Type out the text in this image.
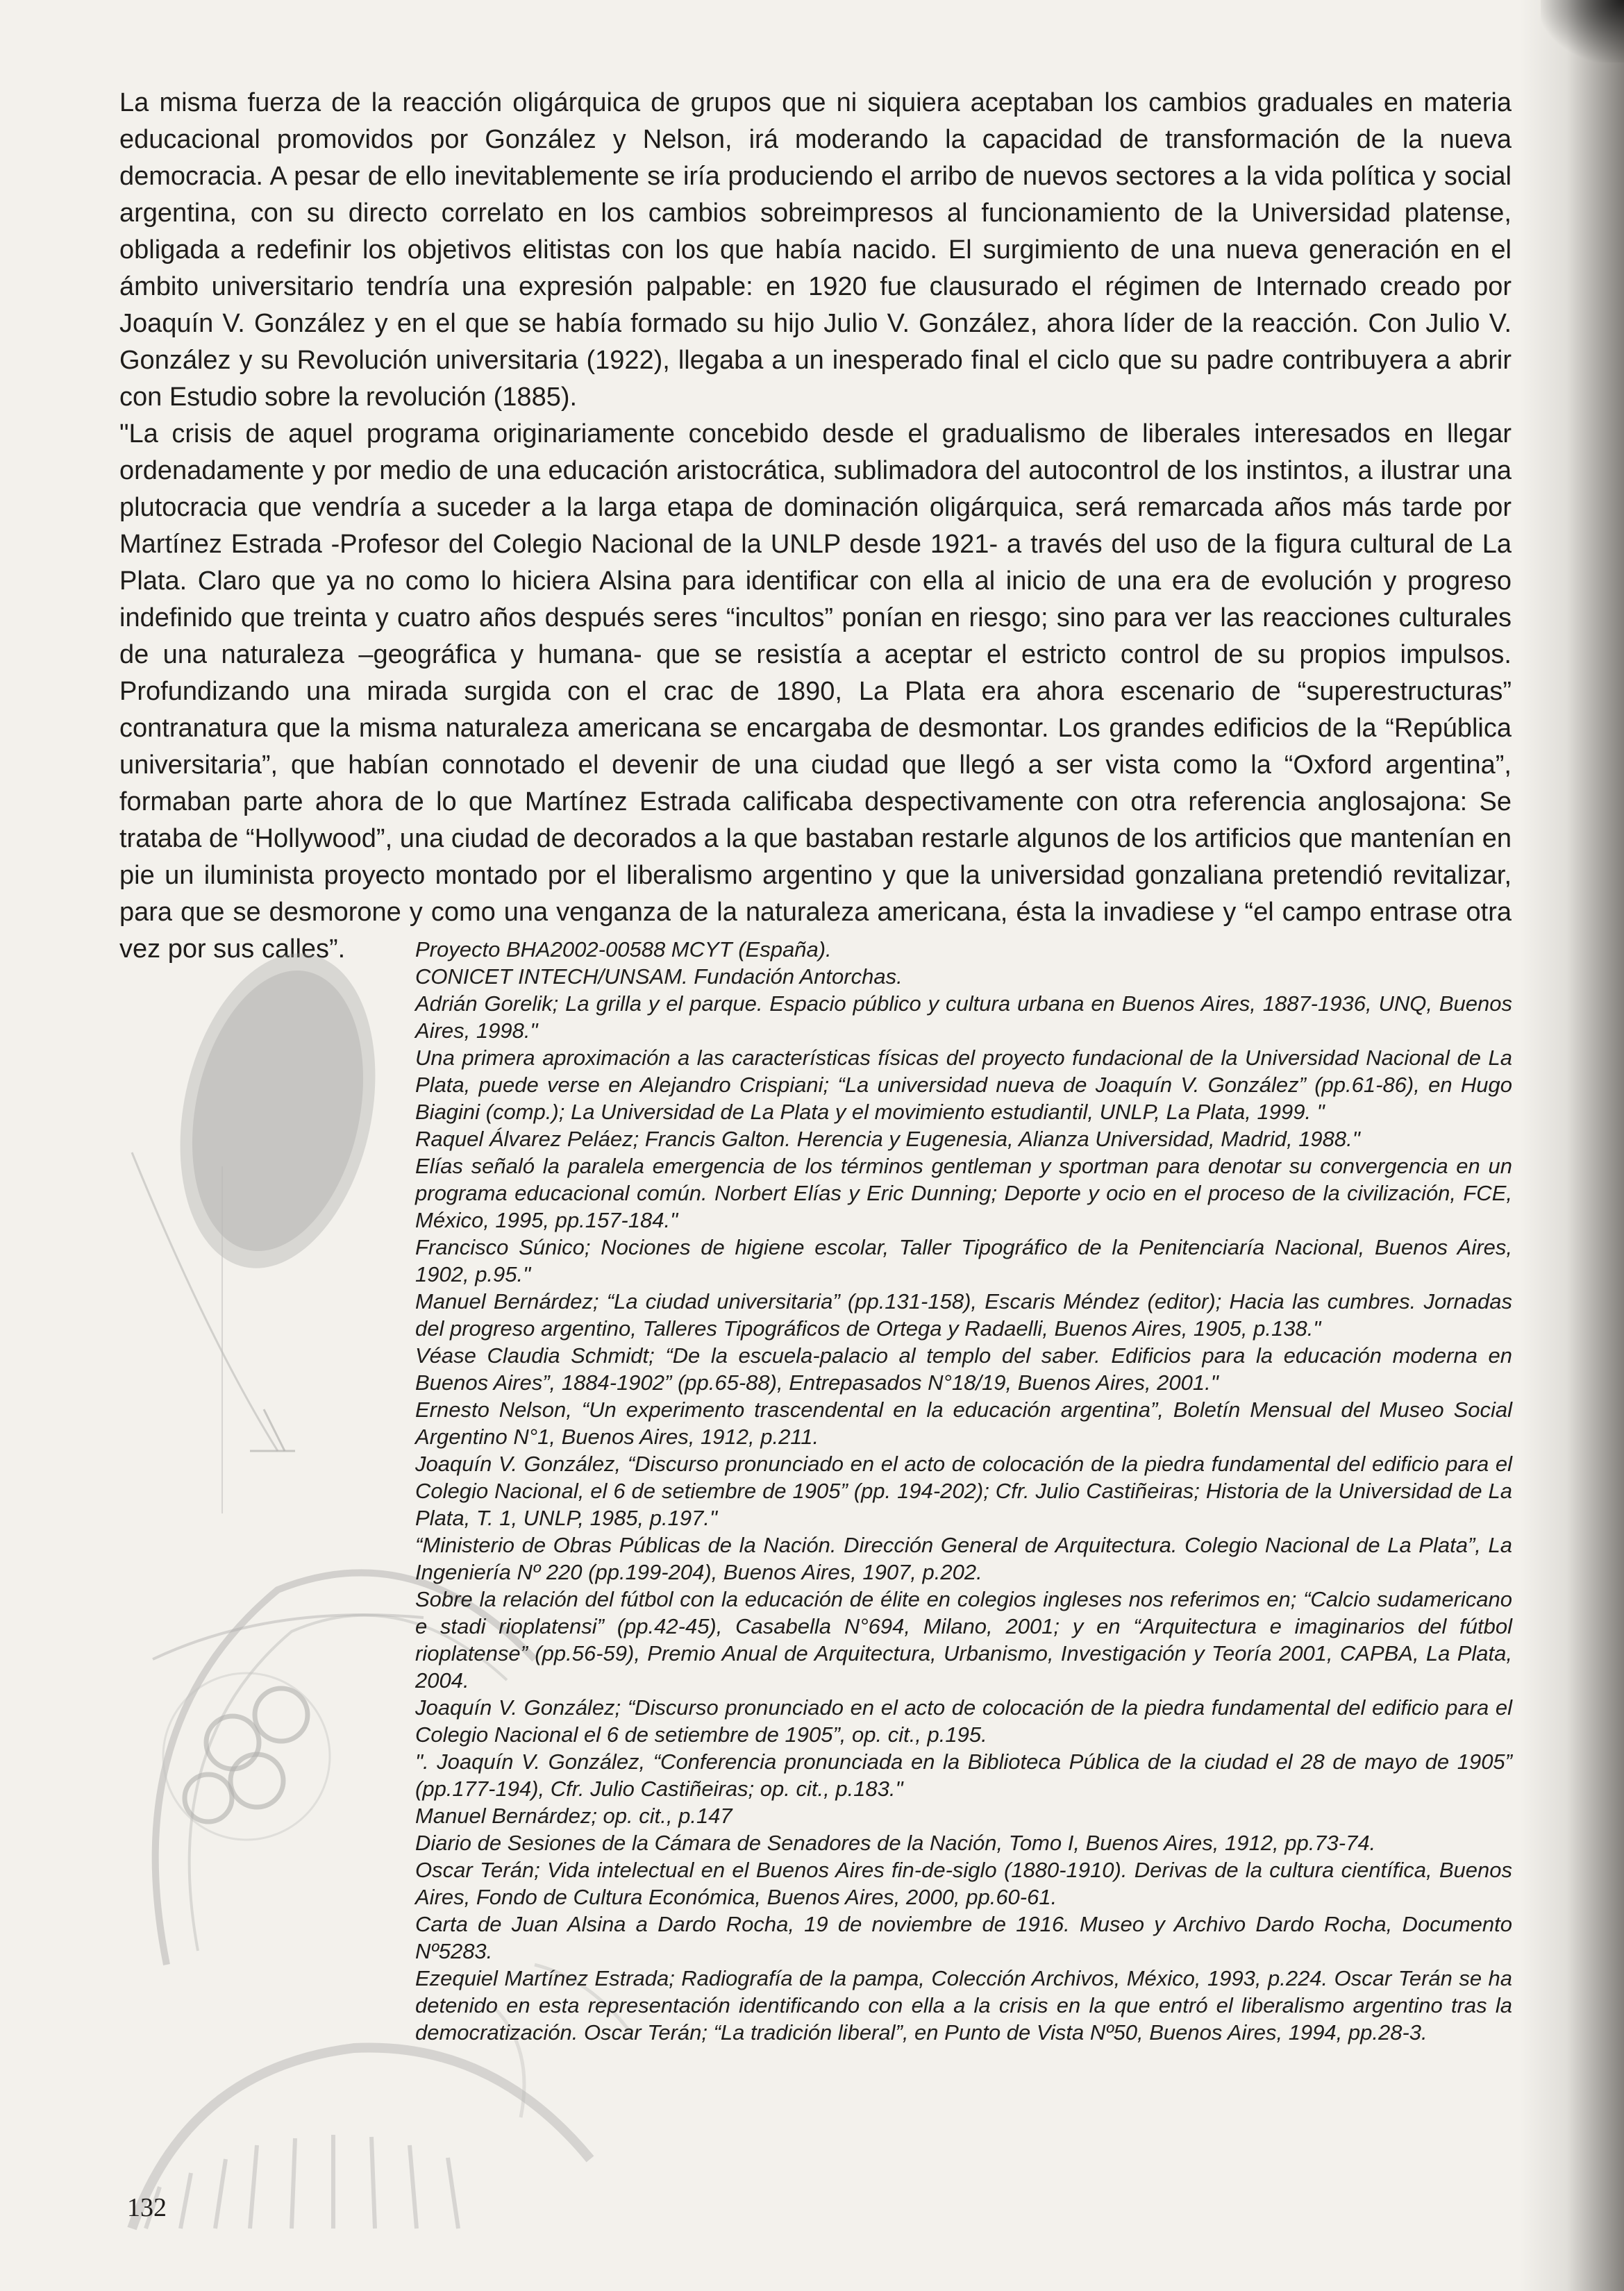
La misma fuerza de la reacción oligárquica de grupos que ni siquiera aceptaban los cambios graduales en materia educacional promovidos por González y Nelson, irá moderando la capacidad de transformación de la nueva democracia. A pesar de ello inevitablemente se iría produciendo el arribo de nuevos sectores a la vida política y social argentina, con su directo correlato en los cambios sobreimpresos al funcionamiento de la Universidad platense, obligada a redefinir los objetivos elitistas con los que había nacido. El surgimiento de una nueva generación en el ámbito universitario tendría una expresión palpable: en 1920 fue clausurado el régimen de Internado creado por Joaquín V. González y en el que se había formado su hijo Julio V. González, ahora líder de la reacción. Con Julio V. González y su Revolución universitaria (1922), llegaba a un inesperado final el ciclo que su padre contribuyera a abrir con Estudio sobre la revolución (1885).

"La crisis de aquel programa originariamente concebido desde el gradualismo de liberales interesados en llegar ordenadamente y por medio de una educación aristocrática, sublimadora del autocontrol de los instintos, a ilustrar una plutocracia que vendría a suceder a la larga etapa de dominación oligárquica, será remarcada años más tarde por Martínez Estrada -Profesor del Colegio Nacional de la UNLP desde 1921- a través del uso de la figura cultural de La Plata. Claro que ya no como lo hiciera Alsina para identificar con ella al inicio de una era de evolución y progreso indefinido que treinta y cuatro años después seres “incultos” ponían en riesgo; sino para ver las reacciones culturales de una naturaleza –geográfica y humana- que se resistía a aceptar el estricto control de su propios impulsos. Profundizando una mirada surgida con el crac de 1890, La Plata era ahora escenario de “superestructuras” contranatura que la misma naturaleza americana se encargaba de desmontar. Los grandes edificios de la “República universitaria”, que habían connotado el devenir de una ciudad que llegó a ser vista como la “Oxford argentina”, formaban parte ahora de lo que Martínez Estrada calificaba despectivamente con otra referencia anglosajona: Se trataba de “Hollywood”, una ciudad de decorados a la que bastaban restarle algunos de los artificios que mantenían en pie un iluminista proyecto montado por el liberalismo argentino y que la universidad gonzaliana pretendió revitalizar, para que se desmorone y como una venganza de la naturaleza americana, ésta la invadiese y “el campo entrase otra vez por sus calles”.	Proyecto BHA2002-00588 MCYT (España).
CONICET INTECH/UNSAM. Fundación Antorchas.
Adrián Gorelik; La grilla y el parque. Espacio público y cultura urbana en Buenos Aires, 1887-1936, UNQ, Buenos Aires, 1998."
Una primera aproximación a las características físicas del proyecto fundacional de la Universidad Nacional de La Plata, puede verse en Alejandro Crispiani; “La universidad nueva de Joaquín V. González” (pp.61-86), en Hugo Biagini (comp.); La Universidad de La Plata y el movimiento estudiantil, UNLP, La Plata, 1999. "
Raquel Álvarez Peláez; Francis Galton. Herencia y Eugenesia, Alianza Universidad, Madrid, 1988."
Elías señaló la paralela emergencia de los términos gentleman y sportman para denotar su convergencia en un programa educacional común. Norbert Elías y Eric Dunning; Deporte y ocio en el proceso de la civilización, FCE, México, 1995, pp.157-184."
Francisco Súnico; Nociones de higiene escolar, Taller Tipográfico de la Penitenciaría Nacional, Buenos Aires, 1902, p.95."
Manuel Bernárdez; “La ciudad universitaria” (pp.131-158), Escaris Méndez (editor); Hacia las cumbres. Jornadas del progreso argentino, Talleres Tipográficos de Ortega y Radaelli, Buenos Aires, 1905, p.138."
Véase Claudia Schmidt; “De la escuela-palacio al templo del saber. Edificios para la educación moderna en Buenos Aires”, 1884-1902” (pp.65-88), Entrepasados N°18/19, Buenos Aires, 2001."
Ernesto Nelson, “Un experimento trascendental en la educación argentina”, Boletín Mensual del Museo Social Argentino N°1, Buenos Aires, 1912, p.211.
Joaquín V. González, “Discurso pronunciado en el acto de colocación de la piedra fundamental del edificio para el Colegio Nacional, el 6 de setiembre de 1905” (pp. 194-202); Cfr. Julio Castiñeiras; Historia de la Universidad de La Plata, T. 1, UNLP, 1985, p.197."
“Ministerio de Obras Públicas de la Nación. Dirección General de Arquitectura. Colegio Nacional de La Plata”, La Ingeniería Nº 220 (pp.199-204), Buenos Aires, 1907, p.202.
Sobre la relación del fútbol con la educación de élite en colegios ingleses nos referimos en; “Calcio sudamericano e stadi rioplatensi” (pp.42-45), Casabella N°694, Milano, 2001; y en “Arquitectura e imaginarios del fútbol rioplatense” (pp.56-59), Premio Anual de Arquitectura, Urbanismo, Investigación y Teoría 2001, CAPBA, La Plata, 2004.
Joaquín V. González; “Discurso pronunciado en el acto de colocación de la piedra fundamental del edificio para el Colegio Nacional el 6 de setiembre de 1905”, op. cit., p.195.
". Joaquín V. González, “Conferencia pronunciada en la Biblioteca Pública de la ciudad el 28 de mayo de 1905” (pp.177-194), Cfr. Julio Castiñeiras; op. cit., p.183."
Manuel Bernárdez; op. cit., p.147
Diario de Sesiones de la Cámara de Senadores de la Nación, Tomo I, Buenos Aires, 1912, pp.73-74.
Oscar Terán; Vida intelectual en el Buenos Aires fin-de-siglo (1880-1910). Derivas de la cultura científica, Buenos Aires, Fondo de Cultura Económica, Buenos Aires, 2000, pp.60-61.
Carta de Juan Alsina a Dardo Rocha, 19 de noviembre de 1916. Museo y Archivo Dardo Rocha, Documento Nº5283.
Ezequiel Martínez Estrada; Radiografía de la pampa, Colección Archivos, México, 1993, p.224. Oscar Terán se ha detenido en esta representación identificando con ella a la crisis en la que entró el liberalismo argentino tras la democratización. Oscar Terán; “La tradición liberal”, en Punto de Vista Nº50, Buenos Aires, 1994, pp.28-3.
132
